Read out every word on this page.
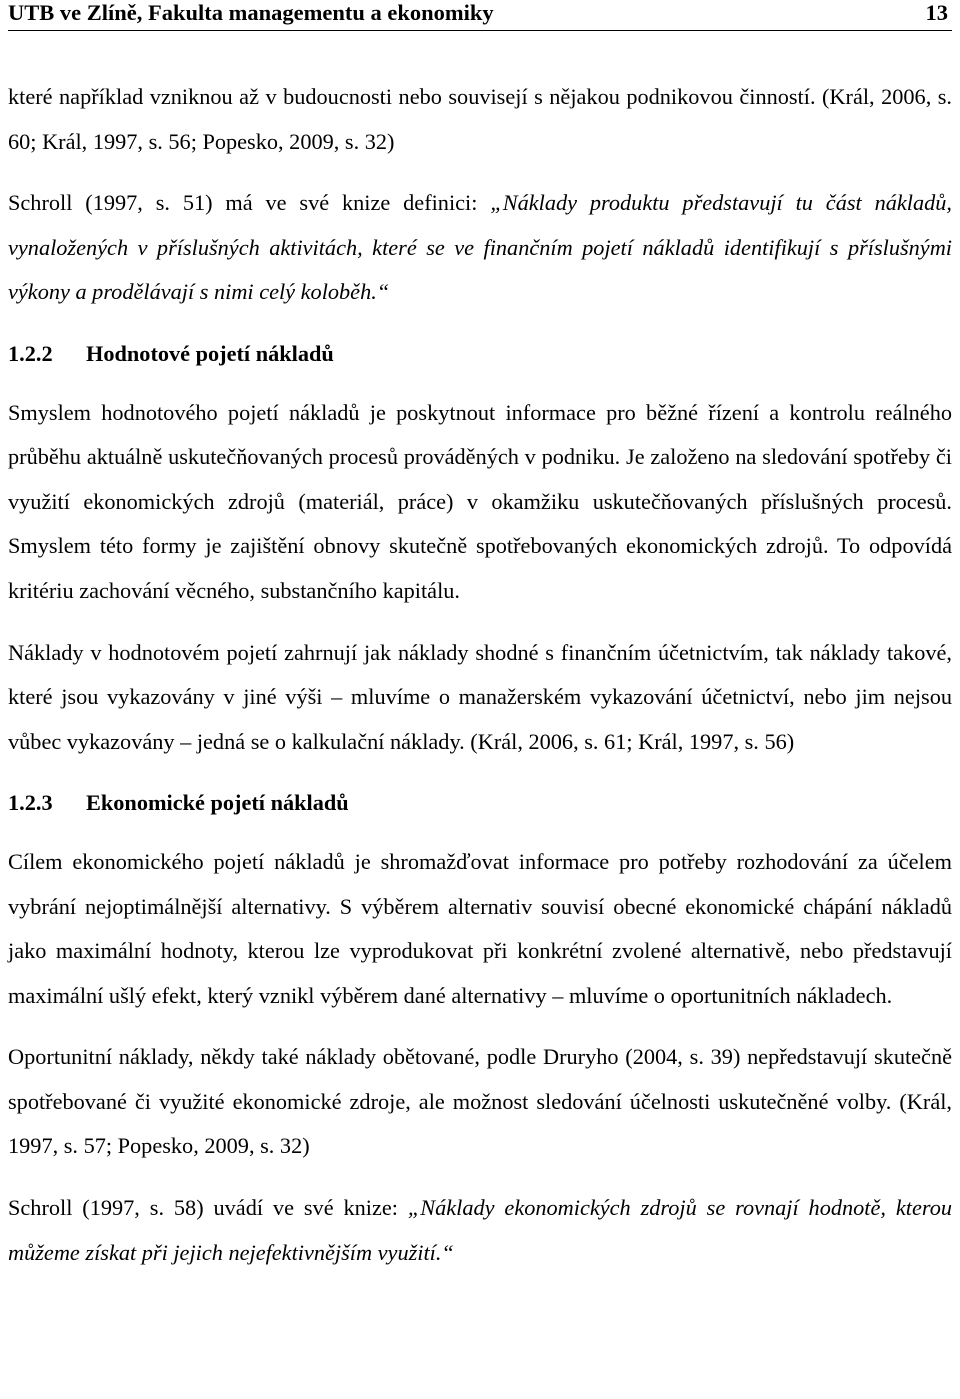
UTB ve Zlíně, Fakulta managementu a ekonomiky	13

které například vzniknou až v budoucnosti nebo souvisejí s nějakou podnikovou činností. (Král, 2006, s. 60; Král, 1997, s. 56; Popesko, 2009, s. 32)

Schroll (1997, s. 51) má ve své knize definici: „Náklady produktu představují tu část nákladů, vynaložených v příslušných aktivitách, které se ve finančním pojetí nákladů identifikují s příslušnými výkony a prodělávají s nimi celý koloběh.“

1.2.2	Hodnotové pojetí nákladů

Smyslem hodnotového pojetí nákladů je poskytnout informace pro běžné řízení a kontrolu reálného průběhu aktuálně uskutečňovaných procesů prováděných v podniku. Je založeno na sledování spotřeby či využití ekonomických zdrojů (materiál, práce) v okamžiku uskutečňovaných příslušných procesů. Smyslem této formy je zajištění obnovy skutečně spotřebovaných ekonomických zdrojů. To odpovídá kritériu zachování věcného, substančního kapitálu.

Náklady v hodnotovém pojetí zahrnují jak náklady shodné s finančním účetnictvím, tak náklady takové, které jsou vykazovány v jiné výši – mluvíme o manažerském vykazování účetnictví, nebo jim nejsou vůbec vykazovány – jedná se o kalkulační náklady. (Král, 2006, s. 61; Král, 1997, s. 56)

1.2.3	Ekonomické pojetí nákladů

Cílem ekonomického pojetí nákladů je shromažďovat informace pro potřeby rozhodování za účelem vybrání nejoptimálnější alternativy. S výběrem alternativ souvisí obecné ekonomické chápání nákladů jako maximální hodnoty, kterou lze vyprodukovat při konkrétní zvolené alternativě, nebo představují maximální ušlý efekt, který vznikl výběrem dané alternativy – mluvíme o oportunitních nákladech.

Oportunitní náklady, někdy také náklady obětované, podle Druryho (2004, s. 39) nepředstavují skutečně spotřebované či využité ekonomické zdroje, ale možnost sledování účelnosti uskutečněné volby. (Král, 1997, s. 57; Popesko, 2009, s. 32)

Schroll (1997, s. 58) uvádí ve své knize: „Náklady ekonomických zdrojů se rovnají hodnotě, kterou můžeme získat při jejich nejefektivnějším využití.“
